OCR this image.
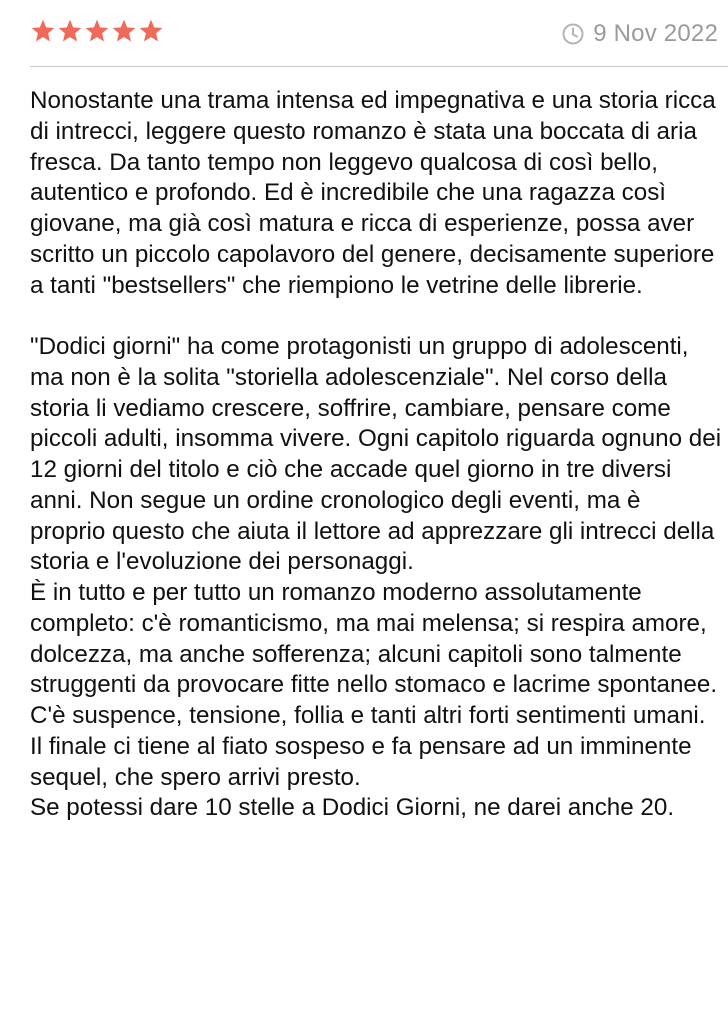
9 Nov 2022

Nonostante una trama intensa ed impegnativa e una storia ricca di intrecci, leggere questo romanzo è stata una boccata di aria fresca. Da tanto tempo non leggevo qualcosa di così bello, autentico e profondo. Ed è incredibile che una ragazza così giovane, ma già così matura e ricca di esperienze, possa aver scritto un piccolo capolavoro del genere, decisamente superiore a tanti "bestsellers" che riempiono le vetrine delle librerie.

"Dodici giorni" ha come protagonisti un gruppo di adolescenti, ma non è la solita "storiella adolescenziale". Nel corso della storia li vediamo crescere, soffrire, cambiare, pensare come piccoli adulti, insomma vivere. Ogni capitolo riguarda ognuno dei 12 giorni del titolo e ciò che accade quel giorno in tre diversi anni. Non segue un ordine cronologico degli eventi, ma è proprio questo che aiuta il lettore ad apprezzare gli intrecci della storia e l'evoluzione dei personaggi.

È in tutto e per tutto un romanzo moderno assolutamente completo: c'è romanticismo, ma mai melensa; si respira amore, dolcezza, ma anche sofferenza; alcuni capitoli sono talmente struggenti da provocare fitte nello stomaco e lacrime spontanee. C'è suspence, tensione, follia e tanti altri forti sentimenti umani. Il finale ci tiene al fiato sospeso e fa pensare ad un imminente sequel, che spero arrivi presto.

Se potessi dare 10 stelle a Dodici Giorni, ne darei anche 20.
